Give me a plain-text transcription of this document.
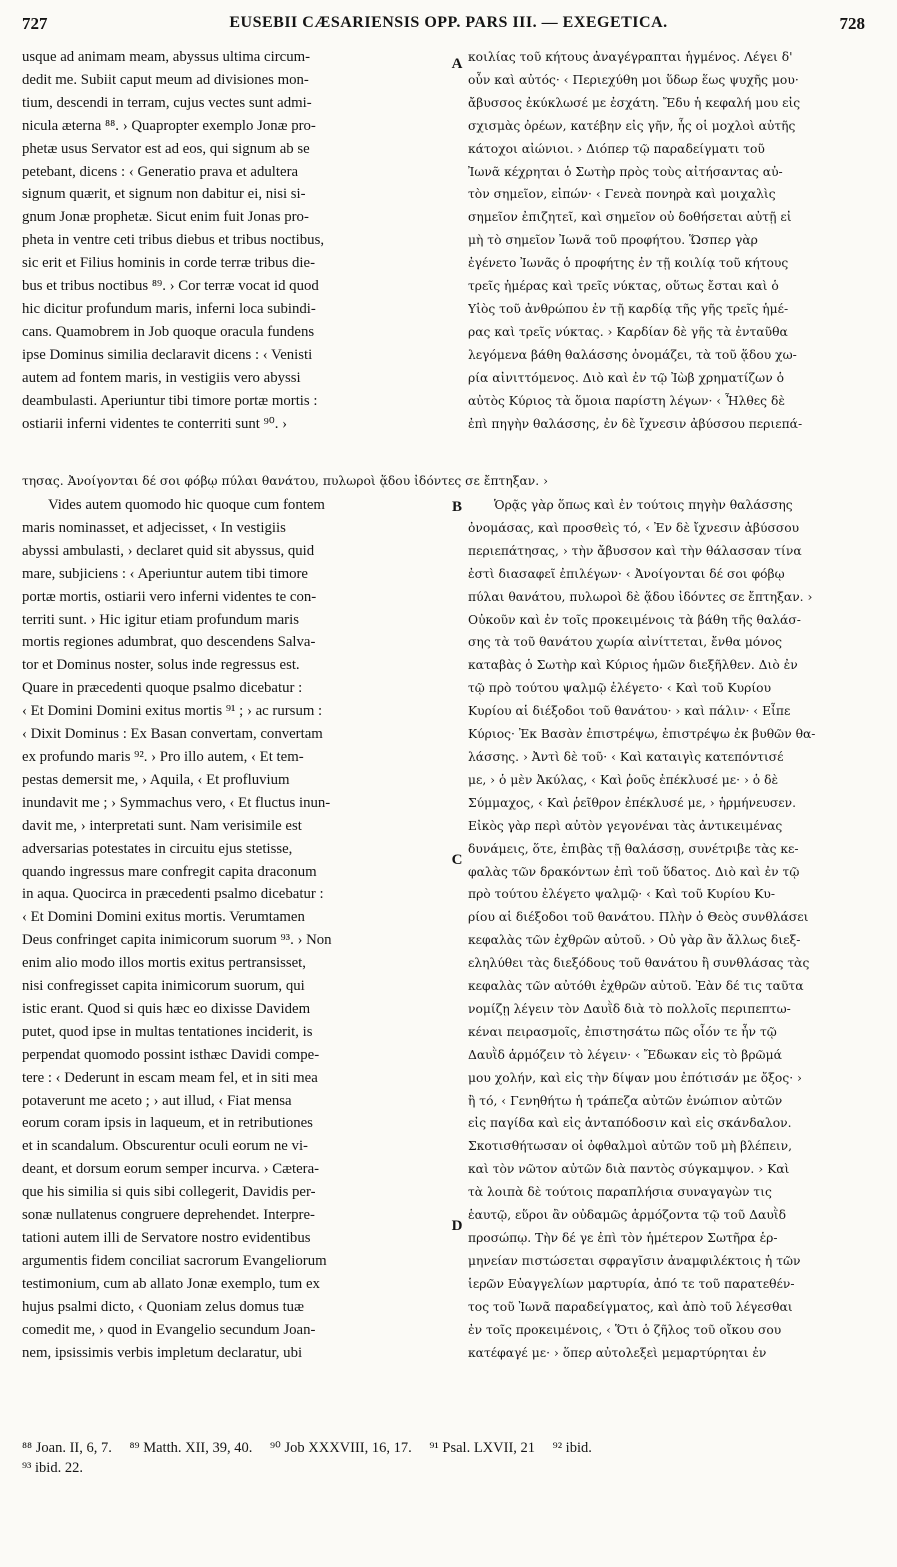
727	EUSEBII CÆSARIENSIS OPP. PARS III. — EXEGETICA.	728
usque ad animam meam, abyssus ultima circum-
dedit me. Subiit caput meum ad divisiones mon-
tium, descendi in terram, cujus vectes sunt admi-
nicula æterna ⁸⁸. › Quapropter exemplo Jonæ pro-
phetæ usus Servator est ad eos, qui signum ab se
petebant, dicens : ‹ Generatio prava et adultera
signum quærit, et signum non dabitur ei, nisi si-
gnum Jonæ prophetæ. Sicut enim fuit Jonas pro-
pheta in ventre ceti tribus diebus et tribus noctibus,
sic erit et Filius hominis in corde terræ tribus die-
bus et tribus noctibus ⁸⁹. › Cor terræ vocat id quod
hic dicitur profundum maris, inferni loca subindi-
cans. Quamobrem in Job quoque oracula fundens
ipse Dominus similia declaravit dicens : ‹ Venisti
autem ad fontem maris, in vestigiis vero abyssi
deambulasti. Aperiuntur tibi timore portæ mortis :
ostiarii inferni videntes te conterriti sunt ⁹⁰. ›
κοιλίας τοῦ κήτους ἀναγέγραπται ἡγμένος. Λέγει δ'
οὖν καὶ αὐτός· ‹ Περιεχύθη μοι ὕδωρ ἕως ψυχῆς μου·
ἄβυσσος ἐκύκλωσέ με ἐσχάτη. Ἔδυ ἡ κεφαλή μου εἰς
σχισμὰς ὀρέων, κατέβην εἰς γῆν, ἧς οἱ μοχλοὶ αὐτῆς
κάτοχοι αἰώνιοι. › Διόπερ τῷ παραδείγματι τοῦ
Ἰωνᾶ κέχρηται ὁ Σωτὴρ πρὸς τοὺς αἰτήσαντας αὐ-
τὸν σημεῖον, εἰπών· ‹ Γενεὰ πονηρὰ καὶ μοιχαλὶς
σημεῖον ἐπιζητεῖ, καὶ σημεῖον οὐ δοθήσεται αὐτῇ εἰ
μὴ τὸ σημεῖον Ἰωνᾶ τοῦ προφήτου. Ὥσπερ γὰρ
ἐγένετο Ἰωνᾶς ὁ προφήτης ἐν τῇ κοιλίᾳ τοῦ κήτους
τρεῖς ἡμέρας καὶ τρεῖς νύκτας, οὕτως ἔσται καὶ ὁ
Υἱὸς τοῦ ἀνθρώπου ἐν τῇ καρδίᾳ τῆς γῆς τρεῖς ἡμέ-
ρας καὶ τρεῖς νύκτας. › Καρδίαν δὲ γῆς τὰ ἐνταῦθα
λεγόμενα βάθη θαλάσσης ὀνομάζει, τὰ τοῦ ᾅδου χω-
ρία αἰνιττόμενος. Διὸ καὶ ἐν τῷ Ἰὼβ χρηματίζων ὁ
αὐτὸς Κύριος τὰ ὅμοια παρίστη λέγων· ‹ Ἦλθες δὲ
ἐπὶ πηγὴν θαλάσσης, ἐν δὲ ἴχνεσιν ἀβύσσου περιεπά-
A
B
C
D
τησας. Ἀνοίγονται δέ σοι φόβῳ πύλαι θανάτου, πυλωροὶ ᾅδου ἰδόντες σε ἔπτηξαν. ›
Vides autem quomodo hic quoque cum fontem
maris nominasset, et adjecisset, ‹ In vestigiis
abyssi ambulasti, › declaret quid sit abyssus, quid
mare, subjiciens : ‹ Aperiuntur autem tibi timore
portæ mortis, ostiarii vero inferni videntes te con-
territi sunt. › Hic igitur etiam profundum maris
mortis regiones adumbrat, quo descendens Salva-
tor et Dominus noster, solus inde regressus est.
Quare in præcedenti quoque psalmo dicebatur :
‹ Et Domini Domini exitus mortis ⁹¹ ; › ac rursum :
‹ Dixit Dominus : Ex Basan convertam, convertam
ex profundo maris ⁹². › Pro illo autem, ‹ Et tem-
pestas demersit me, › Aquila, ‹ Et profluvium
inundavit me ; › Symmachus vero, ‹ Et fluctus inun-
davit me, › interpretati sunt. Nam verisimile est
adversarias potestates in circuitu ejus stetisse,
quando ingressus mare confregit capita draconum
in aqua. Quocirca in præcedenti psalmo dicebatur :
‹ Et Domini Domini exitus mortis. Verumtamen
Deus confringet capita inimicorum suorum ⁹³. › Non
enim alio modo illos mortis exitus pertransisset,
nisi confregisset capita inimicorum suorum, qui
istic erant. Quod si quis hæc eo dixisse Davidem
putet, quod ipse in multas tentationes inciderit, is
perpendat quomodo possint isthæc Davidi compe-
tere : ‹ Dederunt in escam meam fel, et in siti mea
potaverunt me aceto ; › aut illud, ‹ Fiat mensa
eorum coram ipsis in laqueum, et in retributiones
et in scandalum. Obscurentur oculi eorum ne vi-
deant, et dorsum eorum semper incurva. › Cætera-
que his similia si quis sibi collegerit, Davidis per-
sonæ nullatenus congruere deprehendet. Interpre-
tationi autem illi de Servatore nostro evidentibus
argumentis fidem conciliat sacrorum Evangeliorum
testimonium, cum ab allato Jonæ exemplo, tum ex
hujus psalmi dicto, ‹ Quoniam zelus domus tuæ
comedit me, › quod in Evangelio secundum Joan-
nem, ipsissimis verbis impletum declaratur, ubi
Ὁρᾷς γὰρ ὅπως καὶ ἐν τούτοις πηγὴν θαλάσσης
ὀνομάσας, καὶ προσθεὶς τό, ‹ Ἐν δὲ ἴχνεσιν ἀβύσσου
περιεπάτησας, › τὴν ἄβυσσον καὶ τὴν θάλασσαν τίνα
ἐστὶ διασαφεῖ ἐπιλέγων· ‹ Ἀνοίγονται δέ σοι φόβῳ
πύλαι θανάτου, πυλωροὶ δὲ ᾅδου ἰδόντες σε ἔπτηξαν. ›
Οὐκοῦν καὶ ἐν τοῖς προκειμένοις τὰ βάθη τῆς θαλάσ-
σης τὰ τοῦ θανάτου χωρία αἰνίττεται, ἔνθα μόνος
καταβὰς ὁ Σωτὴρ καὶ Κύριος ἡμῶν διεξῆλθεν. Διὸ ἐν
τῷ πρὸ τούτου ψαλμῷ ἐλέγετο· ‹ Καὶ τοῦ Κυρίου
Κυρίου αἱ διέξοδοι τοῦ θανάτου· › καὶ πάλιν· ‹ Εἶπε
Κύριος· Ἐκ Βασὰν ἐπιστρέψω, ἐπιστρέψω ἐκ βυθῶν θα-
λάσσης. › Ἀντὶ δὲ τοῦ· ‹ Καὶ καταιγὶς κατεπόντισέ
με, › ὁ μὲν Ἀκύλας, ‹ Καὶ ῥοῦς ἐπέκλυσέ με· › ὁ δὲ
Σύμμαχος, ‹ Καὶ ῥεῖθρον ἐπέκλυσέ με, › ἡρμήνευσεν.
Εἰκὸς γὰρ περὶ αὐτὸν γεγονέναι τὰς ἀντικειμένας
δυνάμεις, ὅτε, ἐπιβὰς τῇ θαλάσσῃ, συνέτριβε τὰς κε-
φαλὰς τῶν δρακόντων ἐπὶ τοῦ ὕδατος. Διὸ καὶ ἐν τῷ
πρὸ τούτου ἐλέγετο ψαλμῷ· ‹ Καὶ τοῦ Κυρίου Κυ-
ρίου αἱ διέξοδοι τοῦ θανάτου. Πλὴν ὁ Θεὸς συνθλάσει
κεφαλὰς τῶν ἐχθρῶν αὐτοῦ. › Οὐ γὰρ ἂν ἄλλως διεξ-
εληλύθει τὰς διεξόδους τοῦ θανάτου ἢ συνθλάσας τὰς
κεφαλὰς τῶν αὐτόθι ἐχθρῶν αὐτοῦ. Ἐὰν δέ τις ταῦτα
νομίζῃ λέγειν τὸν Δαυῒδ διὰ τὸ πολλοῖς περιπεπτω-
κέναι πειρασμοῖς, ἐπιστησάτω πῶς οἷόν τε ἦν τῷ
Δαυῒδ ἁρμόζειν τὸ λέγειν· ‹ Ἔδωκαν εἰς τὸ βρῶμά
μου χολήν, καὶ εἰς τὴν δίψαν μου ἐπότισάν με ὄξος· ›
ἢ τό, ‹ Γενηθήτω ἡ τράπεζα αὐτῶν ἐνώπιον αὐτῶν
εἰς παγίδα καὶ εἰς ἀνταπόδοσιν καὶ εἰς σκάνδαλον.
Σκοτισθήτωσαν οἱ ὀφθαλμοὶ αὐτῶν τοῦ μὴ βλέπειν,
καὶ τὸν νῶτον αὐτῶν διὰ παντὸς σύγκαμψον. › Καὶ
τὰ λοιπὰ δὲ τούτοις παραπλήσια συναγαγὼν τις
ἑαυτῷ, εὕροι ἂν οὐδαμῶς ἁρμόζοντα τῷ τοῦ Δαυῒδ
προσώπῳ. Τὴν δέ γε ἐπὶ τὸν ἡμέτερον Σωτῆρα ἑρ-
μηνείαν πιστώσεται σφραγῖσιν ἀναμφιλέκτοις ἡ τῶν
ἱερῶν Εὐαγγελίων μαρτυρία, ἀπό τε τοῦ παρατεθέν-
τος τοῦ Ἰωνᾶ παραδείγματος, καὶ ἀπὸ τοῦ λέγεσθαι
ἐν τοῖς προκειμένοις, ‹ Ὅτι ὁ ζῆλος τοῦ οἴκου σου
κατέφαγέ με· › ὅπερ αὐτολεξεὶ μεμαρτύρηται ἐν
⁸⁸ Joan. II, 6, 7. ⁸⁹ Matth. XII, 39, 40. ⁹⁰ Job XXXVIII, 16, 17. ⁹¹ Psal. LXVII, 21 ⁹² ibid.
⁹³ ibid. 22.
